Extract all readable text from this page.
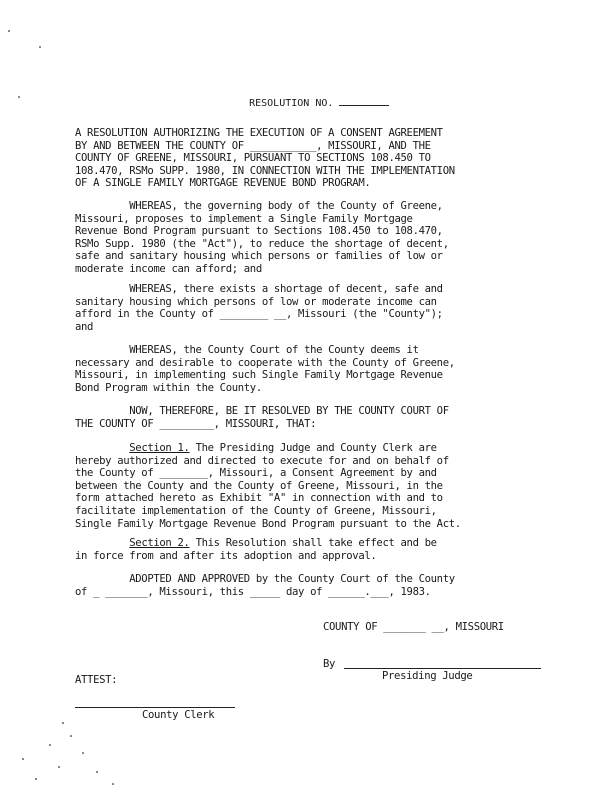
RESOLUTION NO.

A RESOLUTION AUTHORIZING THE EXECUTION OF A CONSENT AGREEMENT
BY AND BETWEEN THE COUNTY OF ___________, MISSOURI, AND THE
COUNTY OF GREENE, MISSOURI, PURSUANT TO SECTIONS 108.450 TO
108.470, RSMo SUPP. 1980, IN CONNECTION WITH THE IMPLEMENTATION
OF A SINGLE FAMILY MORTGAGE REVENUE BOND PROGRAM.
WHEREAS, the governing body of the County of Greene,
Missouri, proposes to implement a Single Family Mortgage
Revenue Bond Program pursuant to Sections 108.450 to 108.470,
RSMo Supp. 1980 (the "Act"), to reduce the shortage of decent,
safe and sanitary housing which persons or families of low or
moderate income can afford; and
WHEREAS, there exists a shortage of decent, safe and
sanitary housing which persons of low or moderate income can
afford in the County of ________ __, Missouri (the "County");
and
WHEREAS, the County Court of the County deems it
necessary and desirable to cooperate with the County of Greene,
Missouri, in implementing such Single Family Mortgage Revenue
Bond Program within the County.
NOW, THEREFORE, BE IT RESOLVED BY THE COUNTY COURT OF
THE COUNTY OF _________, MISSOURI, THAT:
Section 1. The Presiding Judge and County Clerk are
hereby authorized and directed to execute for and on behalf of
the County of ________, Missouri, a Consent Agreement by and
between the County and the County of Greene, Missouri, in the
form attached hereto as Exhibit "A" in connection with and to
facilitate implementation of the County of Greene, Missouri,
Single Family Mortgage Revenue Bond Program pursuant to the Act.
Section 2. This Resolution shall take effect and be
in force from and after its adoption and approval.
ADOPTED AND APPROVED by the County Court of the County
of _ _______, Missouri, this _____ day of ______.___, 1983.
COUNTY OF _______ __, MISSOURI
By
Presiding Judge
ATTEST:
County Clerk
